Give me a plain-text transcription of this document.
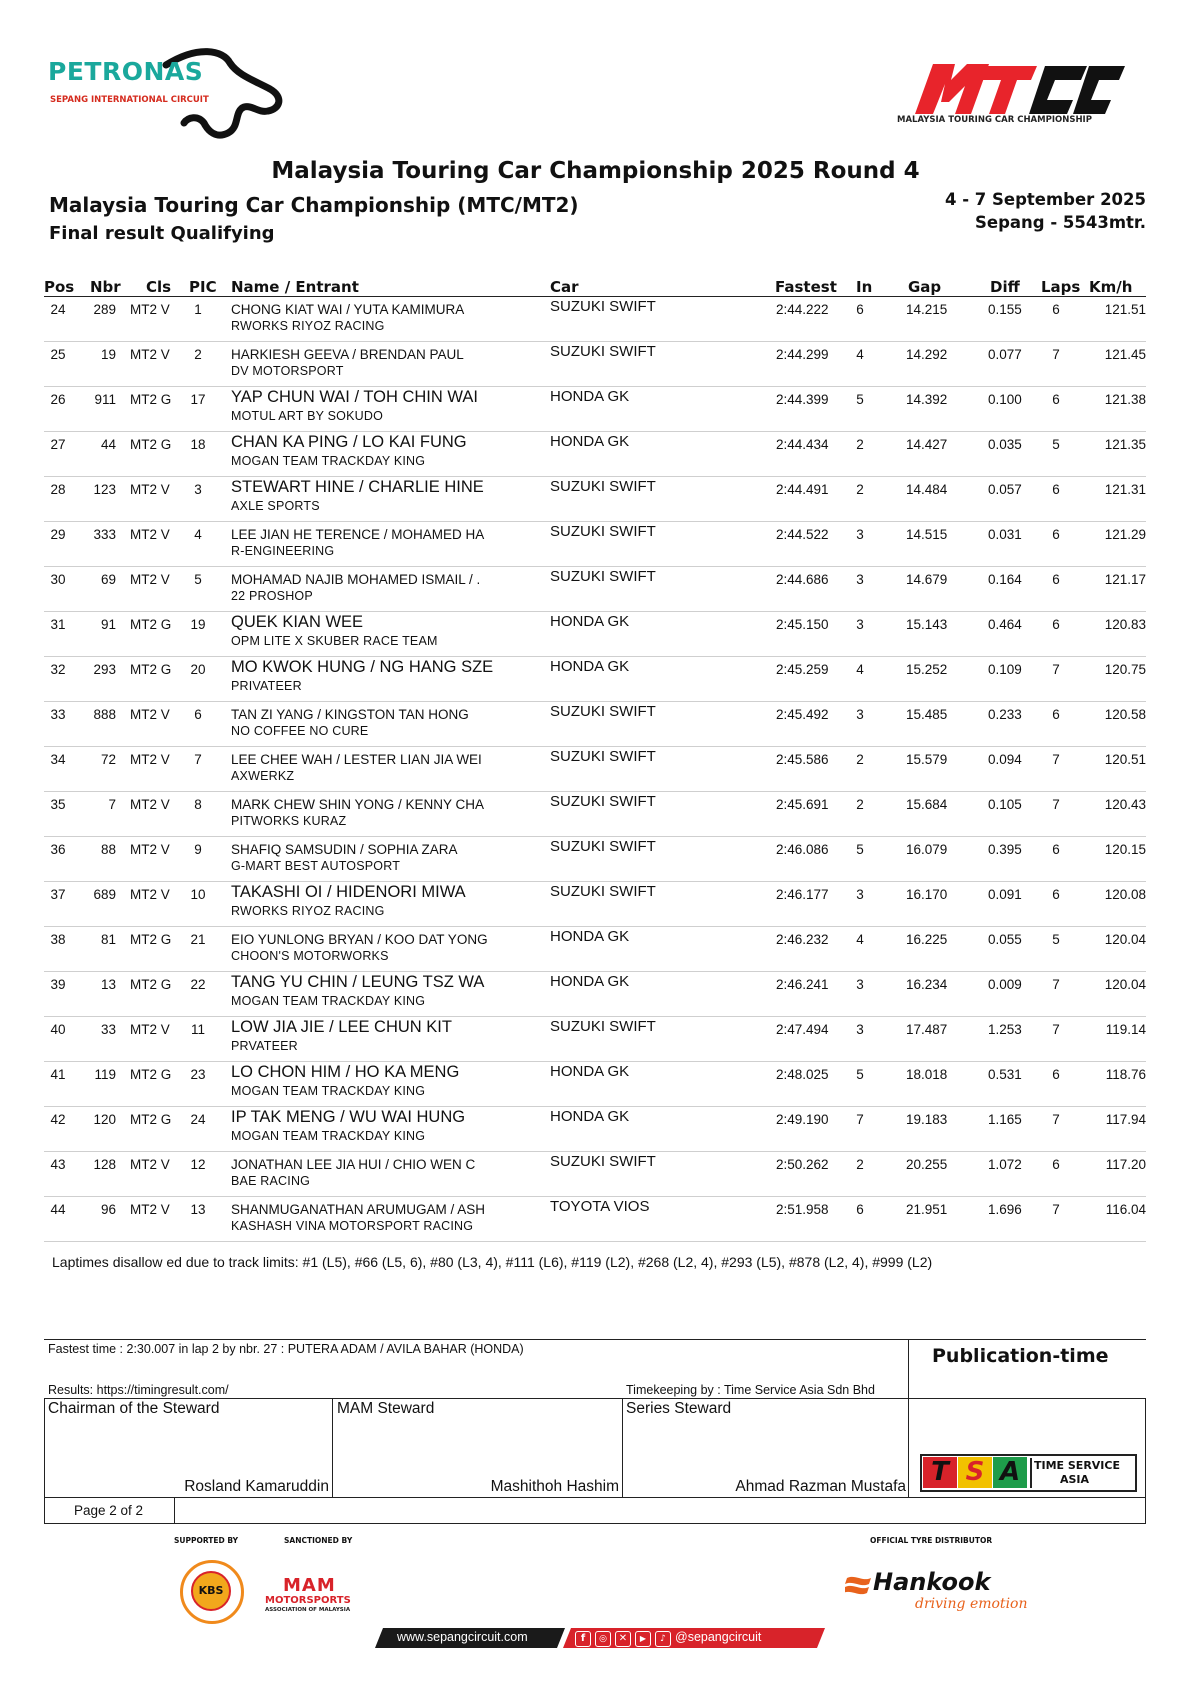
PETRONAS
SEPANG INTERNATIONAL CIRCUIT
MALAYSIA TOURING CAR CHAMPIONSHIP
Malaysia Touring Car Championship 2025 Round 4
Malaysia Touring Car Championship (MTC/MT2)
Final result Qualifying
4 - 7 September 2025
Sepang - 5543mtr.
Pos Nbr Cls PIC Name / Entrant	Car	Fastest In Gap	Diff Laps Km/h
24	289 MT2 V	1	CHONG KIAT WAI / YUTA KAMIMURA
RWORKS RIYOZ RACING
SUZUKI SWIFT	2:44.222	6	14.215	0.155	6	121.51
25	19 MT2 V	2	HARKIESH GEEVA / BRENDAN PAUL
DV MOTORSPORT
SUZUKI SWIFT	2:44.299	4	14.292	0.077	7	121.45
26	911 MT2 G	17	YAP CHUN WAI / TOH CHIN WAI
MOTUL ART BY SOKUDO
HONDA GK	2:44.399	5	14.392	0.100	6	121.38
27	44 MT2 G	18	CHAN KA PING / LO KAI FUNG
MOGAN TEAM TRACKDAY KING
HONDA GK	2:44.434	2	14.427	0.035	5	121.35
28	123 MT2 V	3	STEWART HINE / CHARLIE HINE
AXLE SPORTS
SUZUKI SWIFT	2:44.491	2	14.484	0.057	6	121.31
29	333 MT2 V	4	LEE JIAN HE TERENCE / MOHAMED HA
R-ENGINEERING
SUZUKI SWIFT	2:44.522	3	14.515	0.031	6	121.29
30	69 MT2 V	5	MOHAMAD NAJIB MOHAMED ISMAIL / .
22 PROSHOP
SUZUKI SWIFT	2:44.686	3	14.679	0.164	6	121.17
31	91 MT2 G	19	QUEK KIAN WEE
OPM LITE X SKUBER RACE TEAM
HONDA GK	2:45.150	3	15.143	0.464	6	120.83
32	293 MT2 G	20	MO KWOK HUNG / NG HANG SZE
PRIVATEER
HONDA GK	2:45.259	4	15.252	0.109	7	120.75
33	888 MT2 V	6	TAN ZI YANG / KINGSTON TAN HONG
NO COFFEE NO CURE
SUZUKI SWIFT	2:45.492	3	15.485	0.233	6	120.58
34	72 MT2 V	7	LEE CHEE WAH / LESTER LIAN JIA WEI
AXWERKZ
SUZUKI SWIFT	2:45.586	2	15.579	0.094	7	120.51
35	7 MT2 V	8	MARK CHEW SHIN YONG / KENNY CHA
PITWORKS KURAZ
SUZUKI SWIFT	2:45.691	2	15.684	0.105	7	120.43
36	88 MT2 V	9	SHAFIQ SAMSUDIN / SOPHIA ZARA
G-MART BEST AUTOSPORT
SUZUKI SWIFT	2:46.086	5	16.079	0.395	6	120.15
37	689 MT2 V	10	TAKASHI OI / HIDENORI MIWA
RWORKS RIYOZ RACING
SUZUKI SWIFT	2:46.177	3	16.170	0.091	6	120.08
38	81 MT2 G	21	EIO YUNLONG BRYAN / KOO DAT YONG
CHOON'S MOTORWORKS
HONDA GK	2:46.232	4	16.225	0.055	5	120.04
39	13 MT2 G	22	TANG YU CHIN / LEUNG TSZ WA
MOGAN TEAM TRACKDAY KING
HONDA GK	2:46.241	3	16.234	0.009	7	120.04
40	33 MT2 V	11	LOW JIA JIE / LEE CHUN KIT
PRVATEER
SUZUKI SWIFT	2:47.494	3	17.487	1.253	7	119.14
41	119 MT2 G	23	LO CHON HIM / HO KA MENG
MOGAN TEAM TRACKDAY KING
HONDA GK	2:48.025	5	18.018	0.531	6	118.76
42	120 MT2 G	24	IP TAK MENG / WU WAI HUNG
MOGAN TEAM TRACKDAY KING
HONDA GK	2:49.190	7	19.183	1.165	7	117.94
43	128 MT2 V	12	JONATHAN LEE JIA HUI / CHIO WEN C
BAE RACING
SUZUKI SWIFT	2:50.262	2	20.255	1.072	6	117.20
44	96 MT2 V	13	SHANMUGANATHAN ARUMUGAM / ASH
KASHASH VINA MOTORSPORT RACING
TOYOTA VIOS	2:51.958	6	21.951	1.696	7	116.04
Laptimes disallow ed due to track limits: #1 (L5), #66 (L5, 6), #80 (L3, 4), #111 (L6), #119 (L2), #268 (L2, 4), #293 (L5), #878 (L2, 4), #999 (L2)
Fastest time : 2:30.007 in lap 2 by nbr. 27 : PUTERA ADAM / AVILA BAHAR (HONDA)
Results: https://timingresult.com/	Timekeeping by : Time Service Asia Sdn Bhd
Publication-time
Chairman of the Steward	MAM Steward	Series Steward
Rosland Kamaruddin	Mashithoh Hashim	Ahmad Razman Mustafa
Page 2 of 2
T S A	TIME SERVICE
ASIA
SUPPORTED BY	SANCTIONED BY	OFFICIAL TYRE DISTRIBUTOR
KBS	MAM
MOTORSPORTS
ASSOCIATION OF MALAYSIA
Hankook
driving emotion
www.sepangcircuit.com	f	◎	✕	▶	♪ @sepangcircuit
